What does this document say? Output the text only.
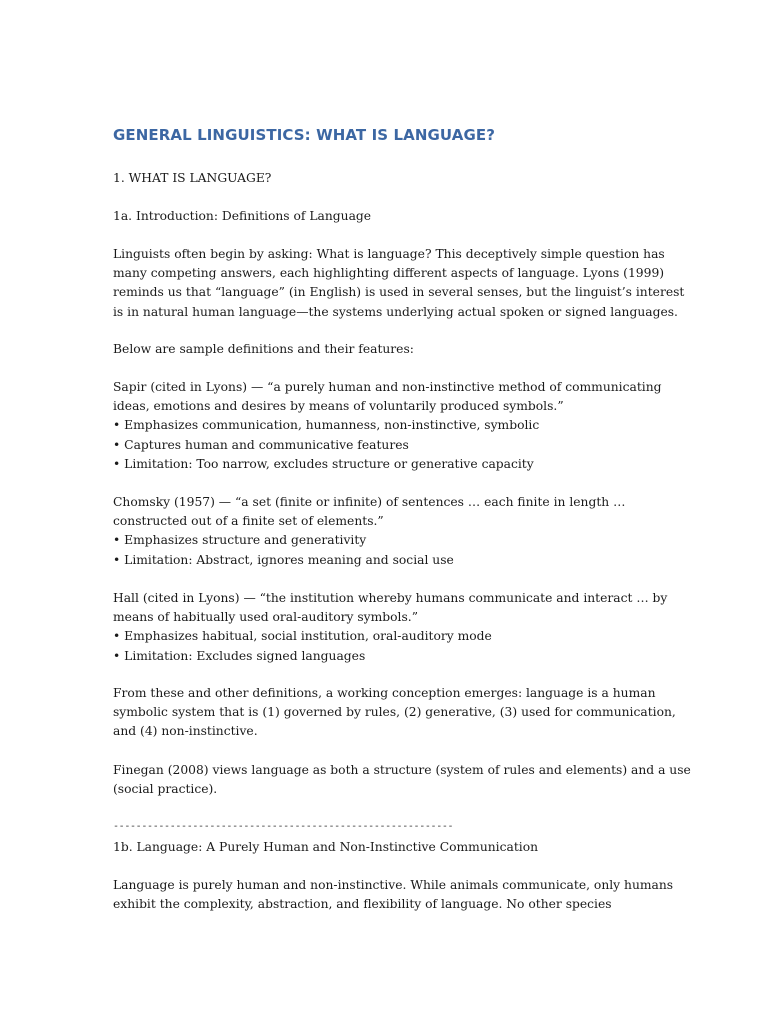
GENERAL LINGUISTICS: WHAT IS LANGUAGE?

1. WHAT IS LANGUAGE?

1a. Introduction: Definitions of Language

Linguists often begin by asking: What is language? This deceptively simple question has
many competing answers, each highlighting different aspects of language. Lyons (1999)
reminds us that “language” (in English) is used in several senses, but the linguist’s interest
is in natural human language—the systems underlying actual spoken or signed languages.

Below are sample definitions and their features:

Sapir (cited in Lyons) — “a purely human and non-instinctive method of communicating
ideas, emotions and desires by means of voluntarily produced symbols.”
• Emphasizes communication, humanness, non-instinctive, symbolic
• Captures human and communicative features
• Limitation: Too narrow, excludes structure or generative capacity

Chomsky (1957) — “a set (finite or infinite) of sentences … each finite in length …
constructed out of a finite set of elements.”
• Emphasizes structure and generativity
• Limitation: Abstract, ignores meaning and social use

Hall (cited in Lyons) — “the institution whereby humans communicate and interact … by
means of habitually used oral-auditory symbols.”
• Emphasizes habitual, social institution, oral-auditory mode
• Limitation: Excludes signed languages

From these and other definitions, a working conception emerges: language is a human
symbolic system that is (1) governed by rules, (2) generative, (3) used for communication,
and (4) non-instinctive.

Finegan (2008) views language as both a structure (system of rules and elements) and a use
(social practice).

------------------------------------------------------------

1b. Language: A Purely Human and Non-Instinctive Communication

Language is purely human and non-instinctive. While animals communicate, only humans
exhibit the complexity, abstraction, and flexibility of language. No other species
